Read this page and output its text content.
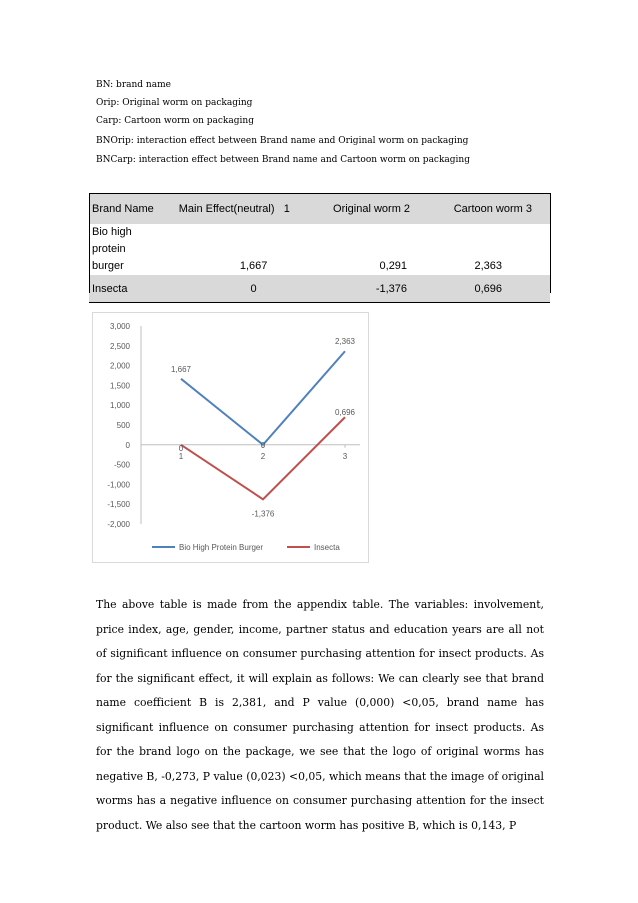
BN: brand name
Orip: Original worm on packaging
Carp: Cartoon worm on packaging
BNOrip: interaction effect between Brand name and Original worm on packaging
BNCarp: interaction effect between Brand name and Cartoon worm on packaging
Brand Name	Main Effect(neutral) 1	Original worm 2	Cartoon worm 3

Bio high
protein
burger	1,667	0,291	2,363
Insecta	0	-1,376	0,696
3,000
2,500
2,000
1,500
1,000
500
0
-500
-1,000
-1,500
-2,000
1	2	3
1,667
0
2,363
0
-1,376
0,696
Bio High Protein Burger	Insecta
The above table is made from the appendix table. The variables: involvement, price index, age, gender, income, partner status and education years are all not of significant influence on consumer purchasing attention for insect products. As for the significant effect, it will explain as follows: We can clearly see that brand name coefficient B is 2,381, and P value (0,000) <0,05, brand name has significant influence on consumer purchasing attention for insect products. As for the brand logo on the package, we see that the logo of original worms has negative B, -0,273, P value (0,023) <0,05, which means that the image of original worms has a negative influence on consumer purchasing attention for the insect product. We also see that the cartoon worm has positive B, which is 0,143, P
